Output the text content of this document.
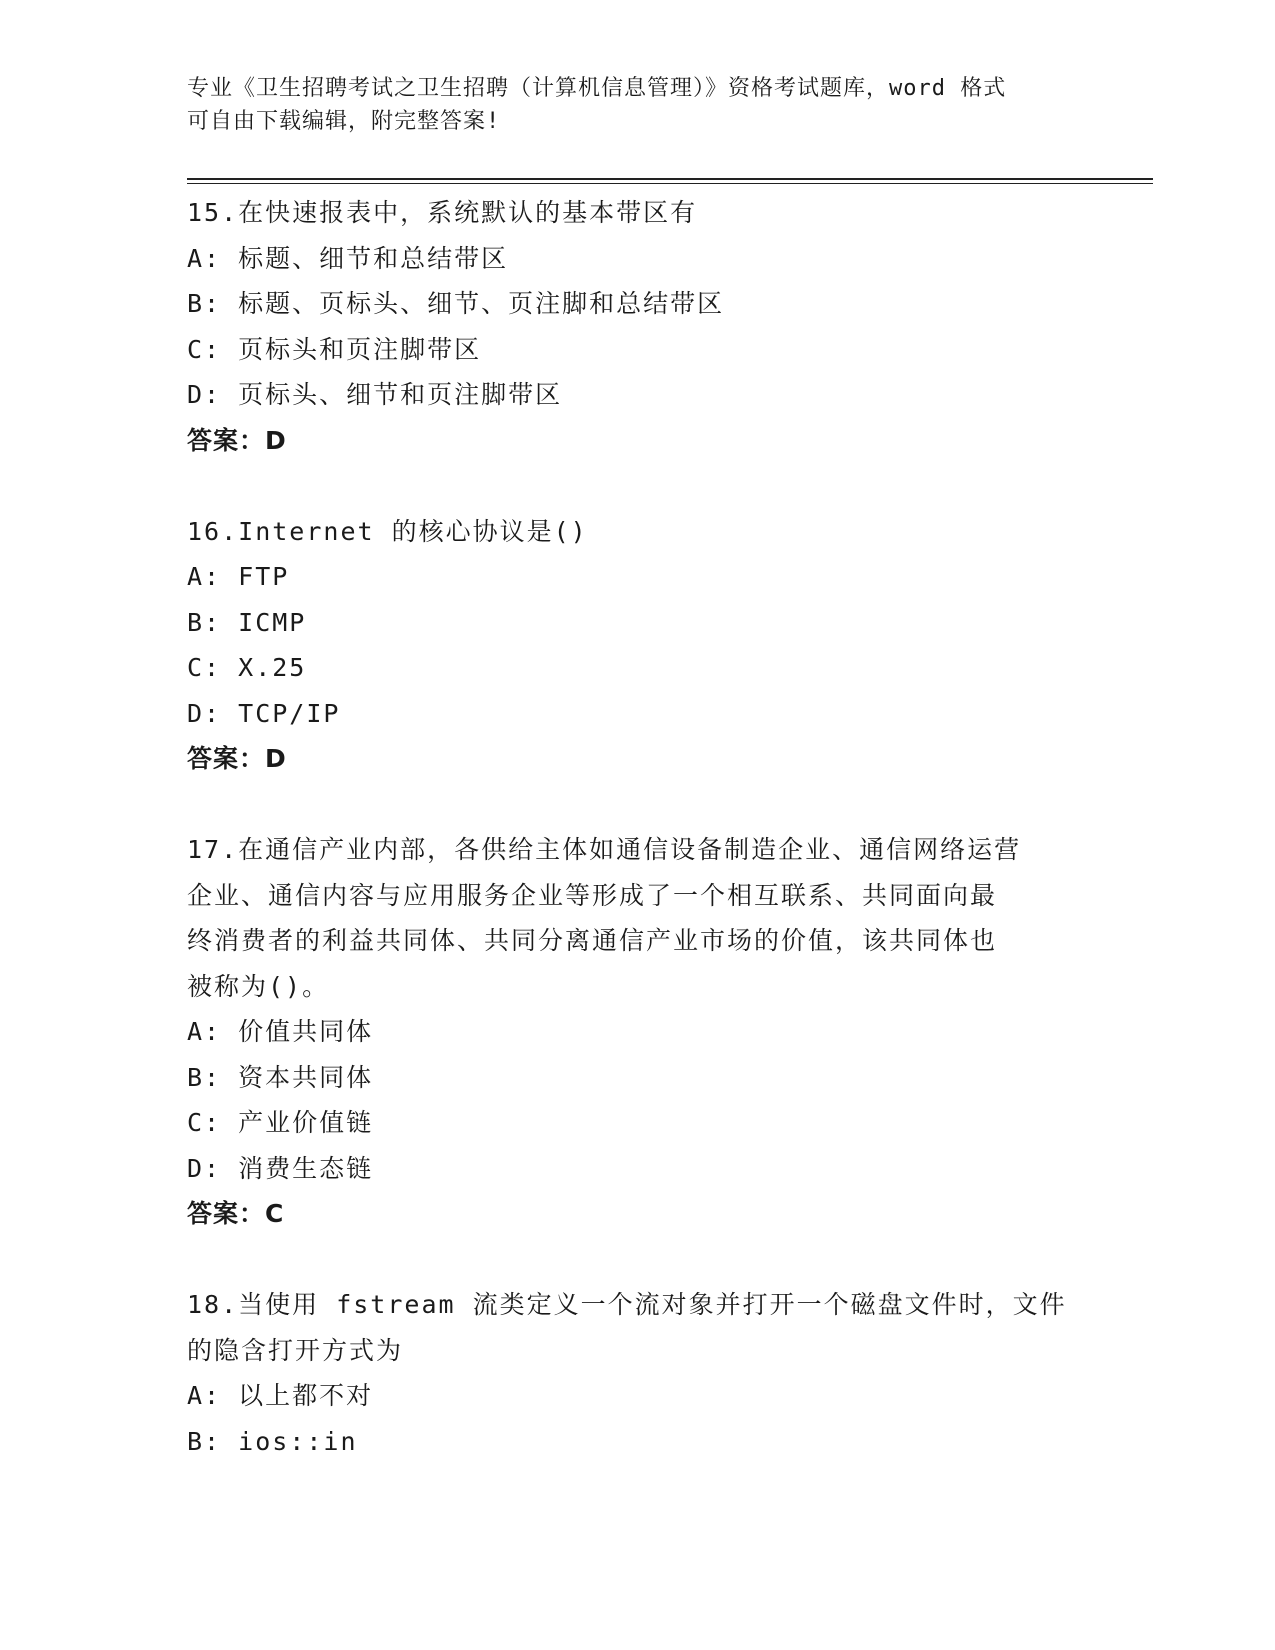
专业《卫生招聘考试之卫生招聘（计算机信息管理）》资格考试题库，word 格式
可自由下载编辑，附完整答案!
15.在快速报表中，系统默认的基本带区有
A: 标题、细节和总结带区
B: 标题、页标头、细节、页注脚和总结带区
C: 页标头和页注脚带区
D: 页标头、细节和页注脚带区
答案：D
16.Internet 的核心协议是()
A: FTP
B: ICMP
C: X.25
D: TCP/IP
答案：D
17.在通信产业内部，各供给主体如通信设备制造企业、通信网络运营
企业、通信内容与应用服务企业等形成了一个相互联系、共同面向最
终消费者的利益共同体、共同分离通信产业市场的价值，该共同体也
被称为()。
A: 价值共同体
B: 资本共同体
C: 产业价值链
D: 消费生态链
答案：C
18.当使用 fstream 流类定义一个流对象并打开一个磁盘文件时，文件
的隐含打开方式为
A: 以上都不对
B: ios::in
